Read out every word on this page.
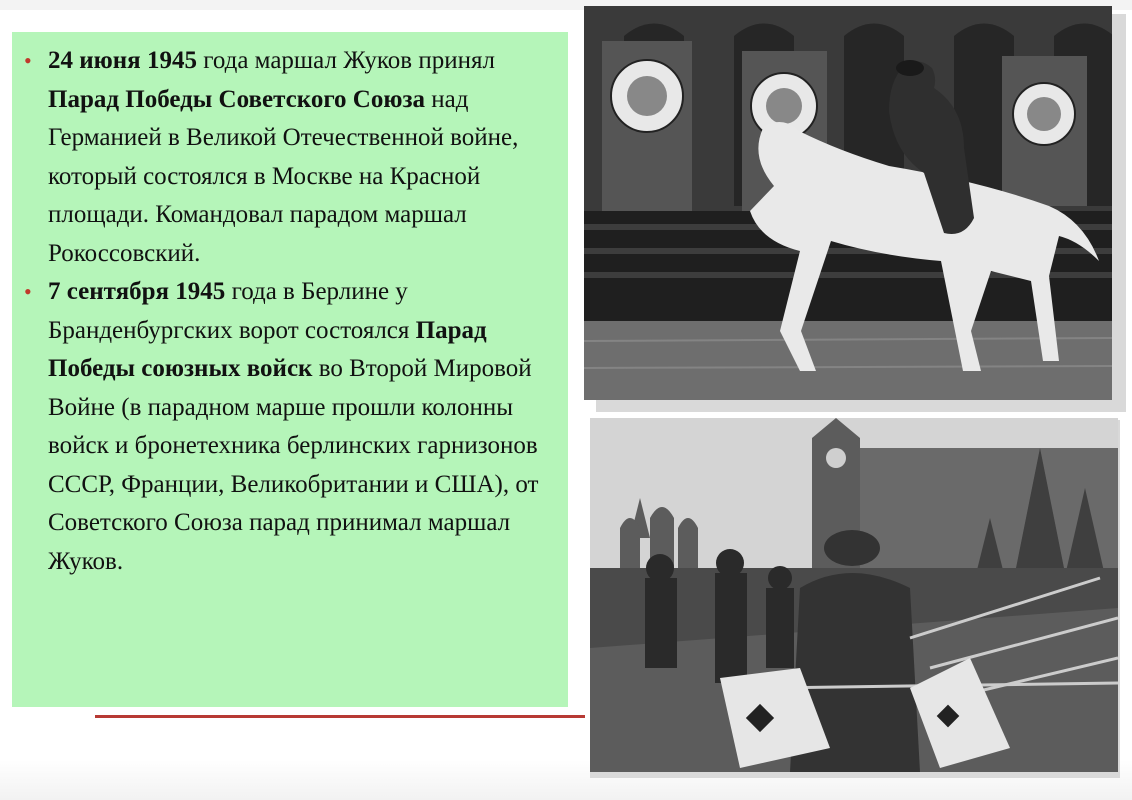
• 24 июня 1945 года маршал Жуков принял Парад Победы Советского Союза над Германией в Великой Отечественной войне, который состоялся в Москве на Красной площади. Командовал парадом маршал Рокоссовский.
• 7 сентября 1945 года в Берлине у Бранденбургских ворот состоялся Парад Победы союзных войск во Второй Мировой Войне (в парадном марше прошли колонны войск и бронетехника берлинских гарнизонов СССР, Франции, Великобритании и США), от Советского Союза парад принимал маршал Жуков.
